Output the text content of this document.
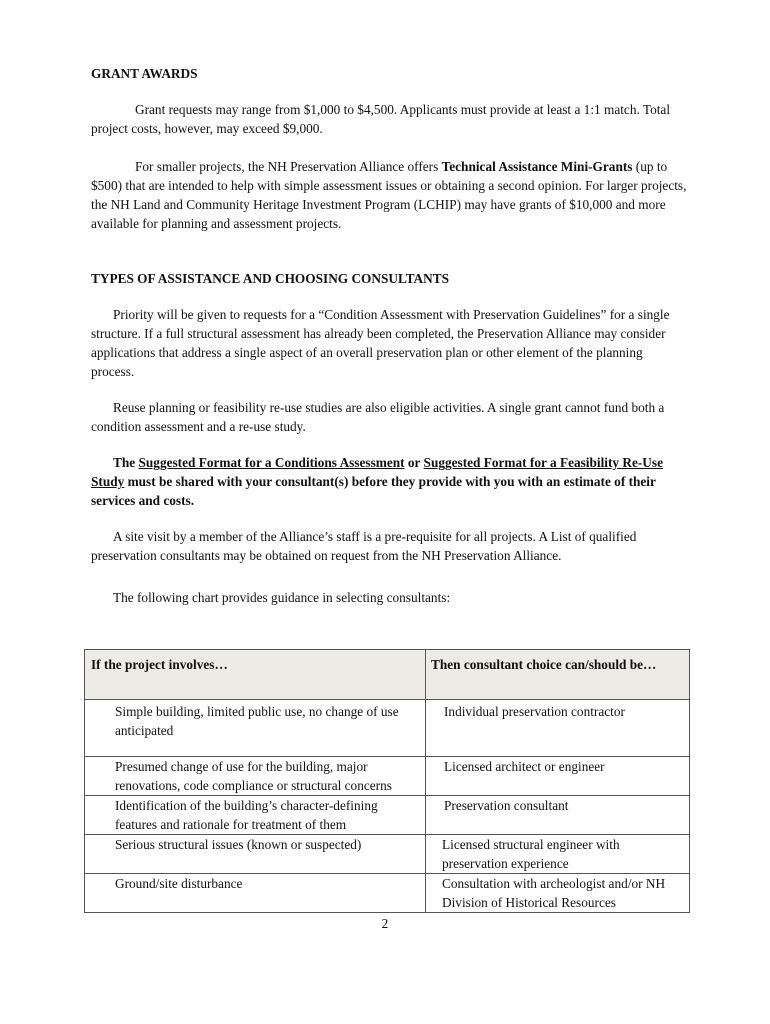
GRANT AWARDS

Grant requests may range from $1,000 to $4,500. Applicants must provide at least a 1:1 match. Total project costs, however, may exceed $9,000.

For smaller projects, the NH Preservation Alliance offers Technical Assistance Mini-Grants (up to $500) that are intended to help with simple assessment issues or obtaining a second opinion. For larger projects, the NH Land and Community Heritage Investment Program (LCHIP) may have grants of $10,000 and more available for planning and assessment projects.

TYPES OF ASSISTANCE AND CHOOSING CONSULTANTS

Priority will be given to requests for a “Condition Assessment with Preservation Guidelines” for a single structure. If a full structural assessment has already been completed, the Preservation Alliance may consider applications that address a single aspect of an overall preservation plan or other element of the planning process.

Reuse planning or feasibility re-use studies are also eligible activities. A single grant cannot fund both a condition assessment and a re-use study.

The Suggested Format for a Conditions Assessment or Suggested Format for a Feasibility Re-Use Study must be shared with your consultant(s) before they provide with you with an estimate of their services and costs.

A site visit by a member of the Alliance’s staff is a pre-requisite for all projects. A List of qualified preservation consultants may be obtained on request from the NH Preservation Alliance.

The following chart provides guidance in selecting consultants:

If the project involves…	Then consultant choice can/should be…
Simple building, limited public use, no change of use anticipated	Individual preservation contractor
Presumed change of use for the building, major renovations, code compliance or structural concerns	Licensed architect or engineer
Identification of the building’s character-defining features and rationale for treatment of them	Preservation consultant
Serious structural issues (known or suspected)	Licensed structural engineer with preservation experience
Ground/site disturbance	Consultation with archeologist and/or NH Division of Historical Resources
2
